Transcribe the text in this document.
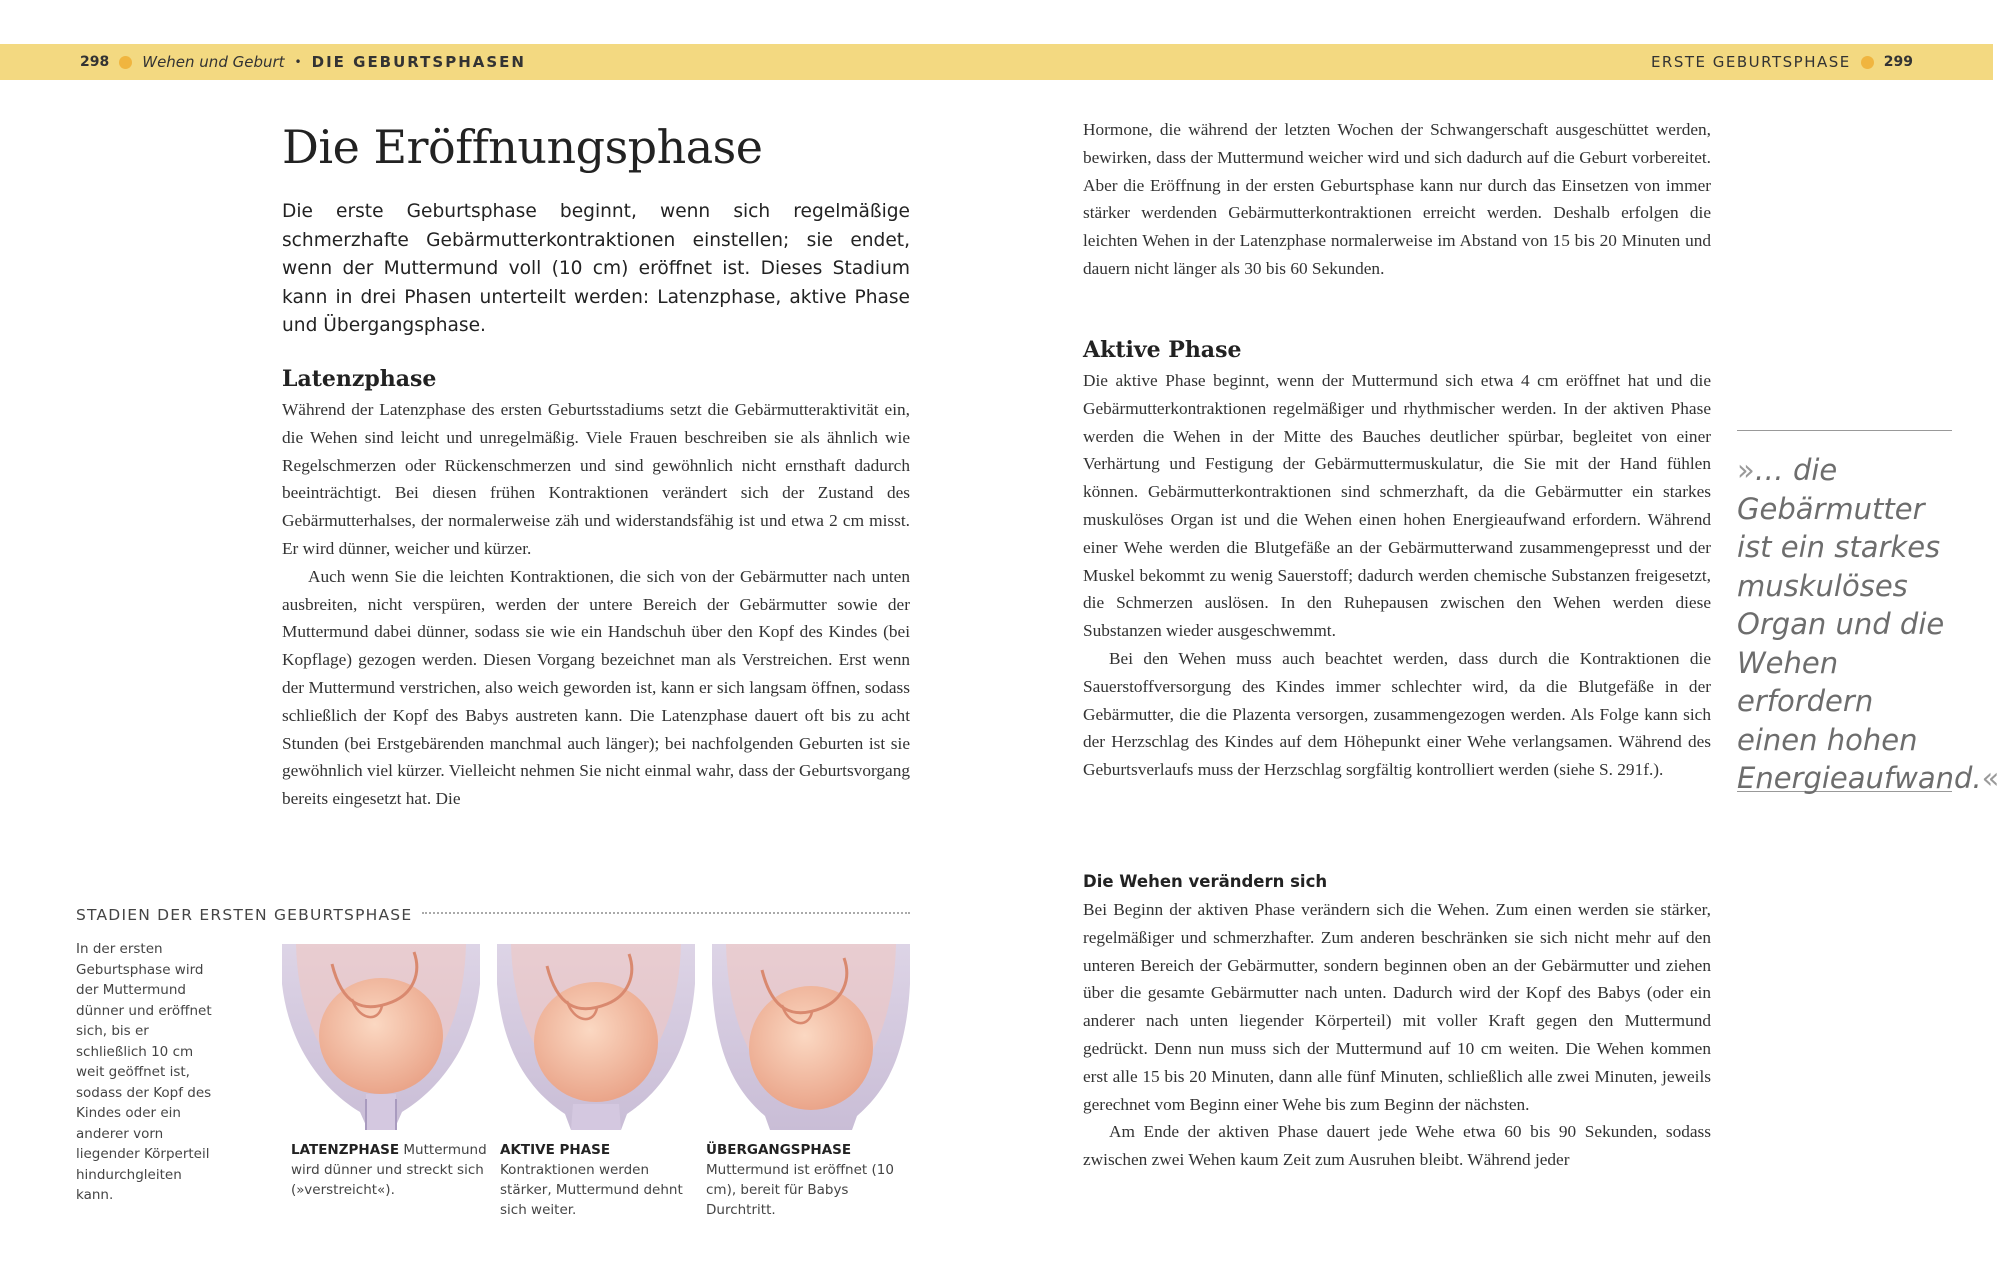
298 Wehen und Geburt • DIE GEBURTSPHASEN	ERSTE GEBURTSPHASE 299
Die Eröffnungsphase

Die erste Geburtsphase beginnt, wenn sich regelmäßige schmerzhafte Gebärmutterkontraktionen einstellen; sie endet, wenn der Muttermund voll (10 cm) eröffnet ist. Dieses Stadium kann in drei Phasen unterteilt werden: Latenzphase, aktive Phase und Übergangsphase.

Latenzphase

Während der Latenzphase des ersten Geburtsstadiums setzt die Gebärmutteraktivität ein, die Wehen sind leicht und unregelmäßig. Viele Frauen beschreiben sie als ähnlich wie Regelschmerzen oder Rückenschmerzen und sind gewöhnlich nicht ernsthaft dadurch beeinträchtigt. Bei diesen frühen Kontraktionen verändert sich der Zustand des Gebärmutterhalses, der normalerweise zäh und widerstandsfähig ist und etwa 2 cm misst. Er wird dünner, weicher und kürzer.

Auch wenn Sie die leichten Kontraktionen, die sich von der Gebärmutter nach unten ausbreiten, nicht verspüren, werden der untere Bereich der Gebärmutter sowie der Muttermund dabei dünner, sodass sie wie ein Handschuh über den Kopf des Kindes (bei Kopflage) gezogen werden. Diesen Vorgang bezeichnet man als Verstreichen. Erst wenn der Muttermund verstrichen, also weich geworden ist, kann er sich langsam öffnen, sodass schließlich der Kopf des Babys austreten kann. Die Latenzphase dauert oft bis zu acht Stunden (bei Erstgebärenden manchmal auch länger); bei nachfolgenden Geburten ist sie gewöhnlich viel kürzer. Vielleicht nehmen Sie nicht einmal wahr, dass der Geburtsvorgang bereits eingesetzt hat. Die

STADIEN DER ERSTEN GEBURTSPHASE

In der ersten Geburtsphase wird der Muttermund dünner und eröffnet sich, bis er schließlich 10 cm weit geöffnet ist, sodass der Kopf des Kindes oder ein anderer vorn liegender Körperteil hindurchgleiten kann.

LATENZPHASE Muttermund wird dünner und streckt sich (»verstreicht«).

AKTIVE PHASE Kontraktionen werden stärker, Muttermund dehnt sich weiter.

ÜBERGANGSPHASE Muttermund ist eröffnet (10 cm), bereit für Babys Durchtritt.

Hormone, die während der letzten Wochen der Schwangerschaft ausgeschüttet werden, bewirken, dass der Muttermund weicher wird und sich dadurch auf die Geburt vorbereitet. Aber die Eröffnung in der ersten Geburtsphase kann nur durch das Einsetzen von immer stärker werdenden Gebärmutterkontraktionen erreicht werden. Deshalb erfolgen die leichten Wehen in der Latenzphase normalerweise im Abstand von 15 bis 20 Minuten und dauern nicht länger als 30 bis 60 Sekunden.

Aktive Phase

Die aktive Phase beginnt, wenn der Muttermund sich etwa 4 cm eröffnet hat und die Gebärmutterkontraktionen regelmäßiger und rhythmischer werden. In der aktiven Phase werden die Wehen in der Mitte des Bauches deutlicher spürbar, begleitet von einer Verhärtung und Festigung der Gebärmuttermuskulatur, die Sie mit der Hand fühlen können. Gebärmutterkontraktionen sind schmerzhaft, da die Gebärmutter ein starkes muskulöses Organ ist und die Wehen einen hohen Energieaufwand erfordern. Während einer Wehe werden die Blutgefäße an der Gebärmutterwand zusammengepresst und der Muskel bekommt zu wenig Sauerstoff; dadurch werden chemische Substanzen freigesetzt, die Schmerzen auslösen. In den Ruhepausen zwischen den Wehen werden diese Substanzen wieder ausgeschwemmt.

Bei den Wehen muss auch beachtet werden, dass durch die Kontraktionen die Sauerstoffversorgung des Kindes immer schlechter wird, da die Blutgefäße in der Gebärmutter, die die Plazenta versorgen, zusammengezogen werden. Als Folge kann sich der Herzschlag des Kindes auf dem Höhepunkt einer Wehe verlangsamen. Während des Geburtsverlaufs muss der Herzschlag sorgfältig kontrolliert werden (siehe S. 291f.).

Die Wehen verändern sich

Bei Beginn der aktiven Phase verändern sich die Wehen. Zum einen werden sie stärker, regelmäßiger und schmerzhafter. Zum anderen beschränken sie sich nicht mehr auf den unteren Bereich der Gebärmutter, sondern beginnen oben an der Gebärmutter und ziehen über die gesamte Gebärmutter nach unten. Dadurch wird der Kopf des Babys (oder ein anderer nach unten liegender Körperteil) mit voller Kraft gegen den Muttermund gedrückt. Denn nun muss sich der Muttermund auf 10 cm weiten. Die Wehen kommen erst alle 15 bis 20 Minuten, dann alle fünf Minuten, schließlich alle zwei Minuten, jeweils gerechnet vom Beginn einer Wehe bis zum Beginn der nächsten.

Am Ende der aktiven Phase dauert jede Wehe etwa 60 bis 90 Sekunden, sodass zwischen zwei Wehen kaum Zeit zum Ausruhen bleibt. Während jeder

»… die Gebärmutter ist ein starkes muskulöses Organ und die Wehen erfordern einen hohen Energieaufwand.«
